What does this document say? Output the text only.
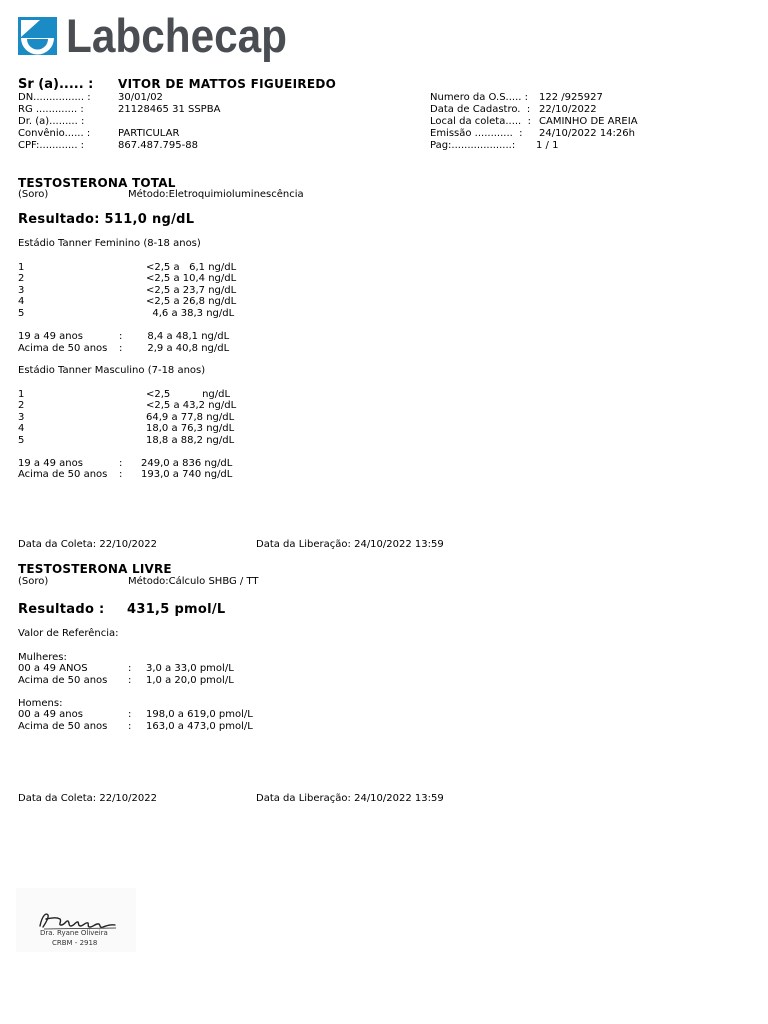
Labchecap
Sr (a)..... : VITOR DE MATTOS FIGUEIREDO
DN................ :	30/01/02
RG ............. :	21128465 31 SSPBA
Dr. (a)......... :
Convênio...... :	PARTICULAR
CPF:............ :	867.487.795-88
Numero da O.S..... : 122 /925927
Data de Cadastro.  : 22/10/2022
Local da coleta.....  : CAMINHO DE AREIA
Emissão ............  : 24/10/2022 14:26h
Pag:...................: 1 / 1
TESTOSTERONA TOTAL
(Soro)	Método:Eletroquimioluminescência
Resultado: 511,0 ng/dL
Estádio Tanner Feminino (8-18 anos)
1	<2,5 a   6,1 ng/dL
2	<2,5 a 10,4 ng/dL
3	<2,5 a 23,7 ng/dL
4	<2,5 a 26,8 ng/dL
5	4,6 a 38,3 ng/dL
19 a 49 anos	: 8,4 a 48,1 ng/dL
Acima de 50 anos : 2,9 a 40,8 ng/dL
Estádio Tanner Masculino (7-18 anos)
1	<2,5          ng/dL
2	<2,5 a 43,2 ng/dL
3	64,9 a 77,8 ng/dL
4	18,0 a 76,3 ng/dL
5	18,8 a 88,2 ng/dL
19 a 49 anos	: 249,0 a 836 ng/dL
Acima de 50 anos : 193,0 a 740 ng/dL
Data da Coleta: 22/10/2022	Data da Liberação: 24/10/2022 13:59
TESTOSTERONA LIVRE
(Soro)	Método:Cálculo SHBG / TT
Resultado : 431,5 pmol/L
Valor de Referência:
Mulheres:
00 a 49 ANOS	: 3,0 a 33,0 pmol/L
Acima de 50 anos : 1,0 a 20,0 pmol/L
Homens:
00 a 49 anos	: 198,0 a 619,0 pmol/L
Acima de 50 anos : 163,0 a 473,0 pmol/L
Data da Coleta: 22/10/2022	Data da Liberação: 24/10/2022 13:59
Dra. Ryane Oliveira
CRBM - 2918
